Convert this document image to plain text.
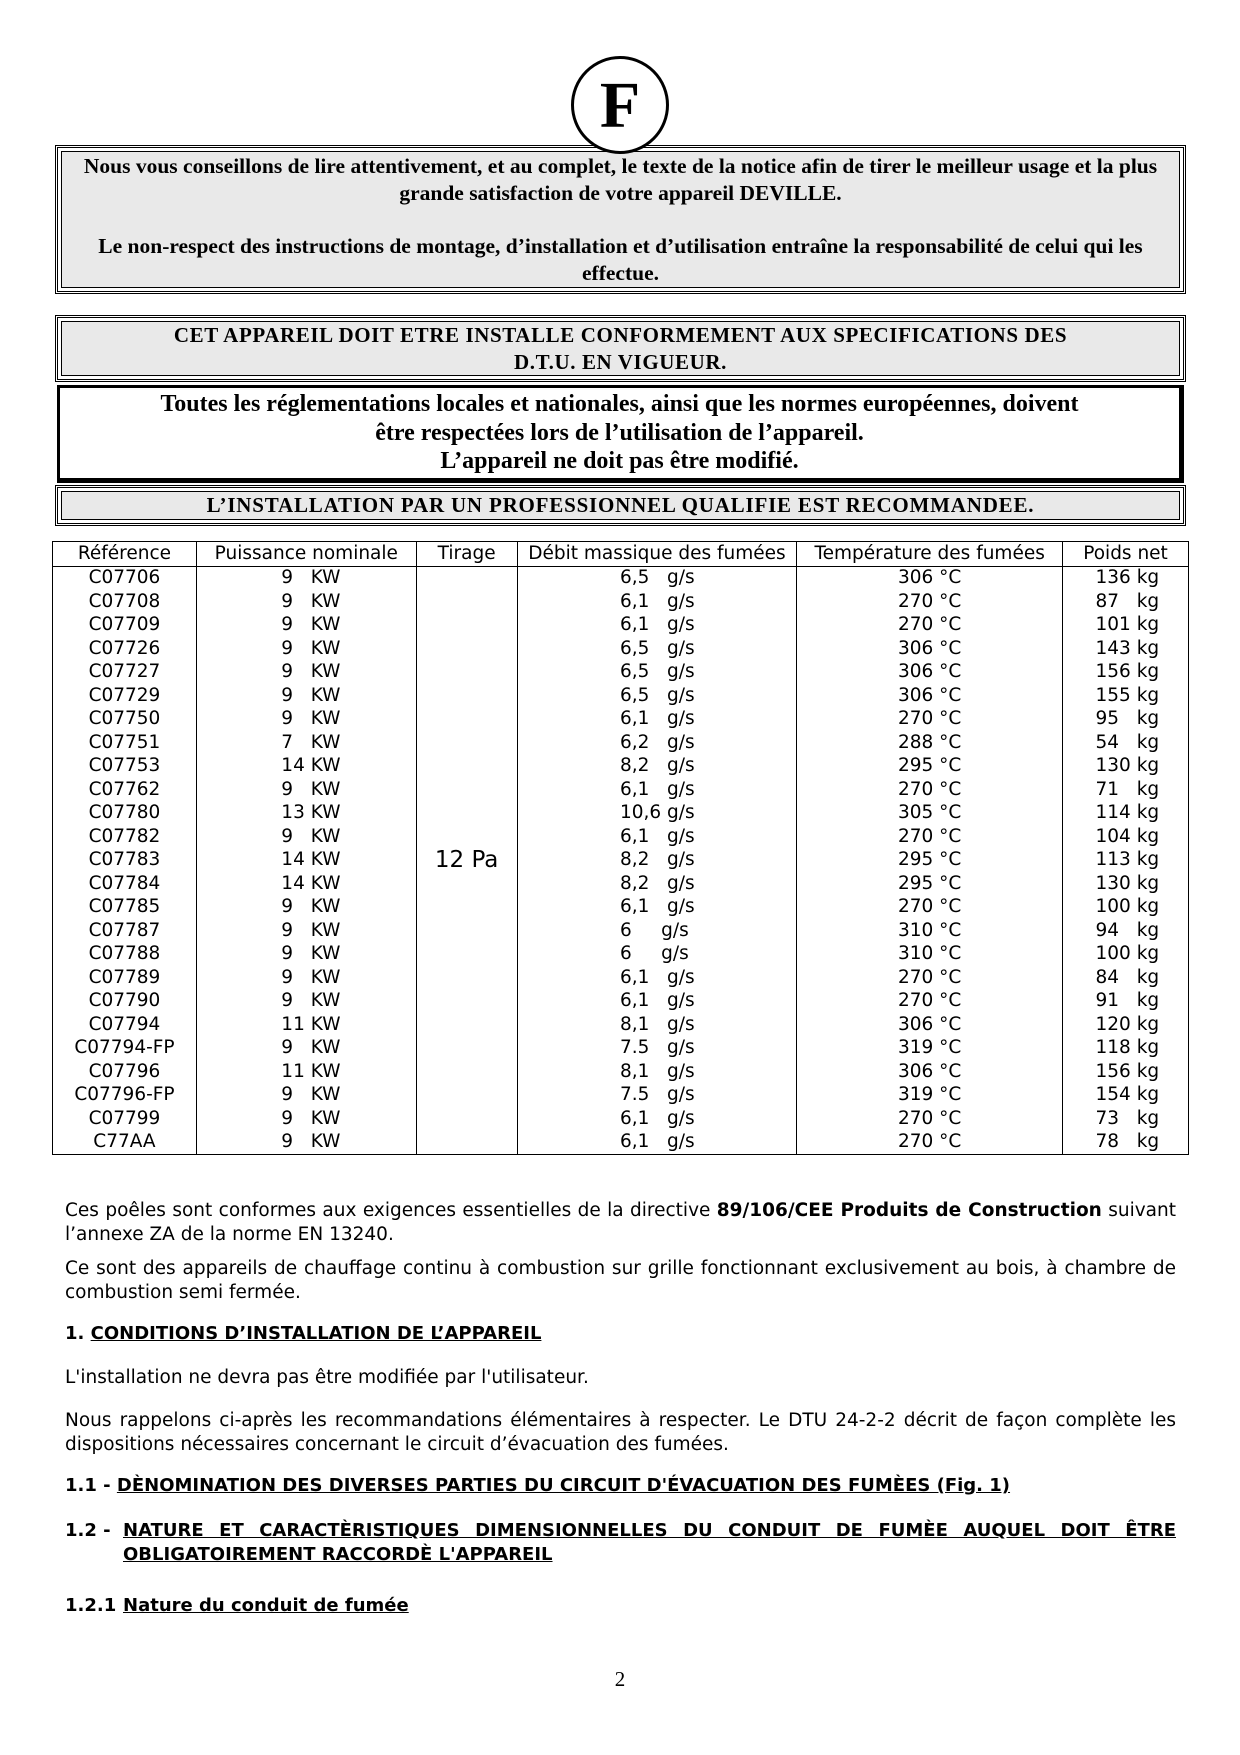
F

Nous vous conseillons de lire attentivement, et au complet, le texte de la notice afin de tirer le meilleur usage et la plus grande satisfaction de votre appareil DEVILLE.

Le non-respect des instructions de montage, d’installation et d’utilisation entraîne la responsabilité de celui qui les effectue.

CET APPAREIL DOIT ETRE INSTALLE CONFORMEMENT AUX SPECIFICATIONS DES D.T.U. EN VIGUEUR.

Toutes les réglementations locales et nationales, ainsi que les normes européennes, doivent être respectées lors de l’utilisation de l’appareil.

L’appareil ne doit pas être modifié.

L’INSTALLATION PAR UN PROFESSIONNEL QUALIFIE EST RECOMMANDEE.

Référence	Puissance nominale	Tirage	Débit massique des fumées	Température des fumées	Poids net
C07706	9   KW	12 Pa	6,5   g/s	306 °C	136 kg
C07708	9   KW		6,1   g/s	270 °C	87   kg
C07709	9   KW		6,1   g/s	270 °C	101 kg
C07726	9   KW		6,5   g/s	306 °C	143 kg
C07727	9   KW		6,5   g/s	306 °C	156 kg
C07729	9   KW		6,5   g/s	306 °C	155 kg
C07750	9   KW		6,1   g/s	270 °C	95   kg
C07751	7   KW		6,2   g/s	288 °C	54   kg
C07753	14 KW		8,2   g/s	295 °C	130 kg
C07762	9   KW		6,1   g/s	270 °C	71   kg
C07780	13 KW		10,6 g/s	305 °C	114 kg
C07782	9   KW		6,1   g/s	270 °C	104 kg
C07783	14 KW		8,2   g/s	295 °C	113 kg
C07784	14 KW		8,2   g/s	295 °C	130 kg
C07785	9   KW		6,1   g/s	270 °C	100 kg
C07787	9   KW		6     g/s	310 °C	94   kg
C07788	9   KW		6     g/s	310 °C	100 kg
C07789	9   KW		6,1   g/s	270 °C	84   kg
C07790	9   KW		6,1   g/s	270 °C	91   kg
C07794	11 KW		8,1   g/s	306 °C	120 kg
C07794-FP	9   KW		7.5   g/s	319 °C	118 kg
C07796	11 KW		8,1   g/s	306 °C	156 kg
C07796-FP	9   KW		7.5   g/s	319 °C	154 kg
C07799	9   KW		6,1   g/s	270 °C	73   kg
C77AA	9   KW		6,1   g/s	270 °C	78   kg

Ces poêles sont conformes aux exigences essentielles de la directive 89/106/CEE Produits de Construction suivant l’annexe ZA de la norme EN 13240.

Ce sont des appareils de chauffage continu à combustion sur grille fonctionnant exclusivement au bois, à chambre de combustion semi fermée.

1. CONDITIONS D’INSTALLATION DE L’APPAREIL

L'installation ne devra pas être modifiée par l'utilisateur.

Nous rappelons ci-après les recommandations élémentaires à respecter. Le DTU 24-2-2 décrit de façon complète les dispositions nécessaires concernant le circuit d’évacuation des fumées.

1.1 - DÈNOMINATION DES DIVERSES PARTIES DU CIRCUIT D'ÉVACUATION DES FUMÈES (Fig. 1)

1.2 - NATURE ET CARACTÈRISTIQUES DIMENSIONNELLES DU CONDUIT DE FUMÈE AUQUEL DOIT ÊTRE OBLIGATOIREMENT RACCORDÈ L'APPAREIL

1.2.1 Nature du conduit de fumée

2
